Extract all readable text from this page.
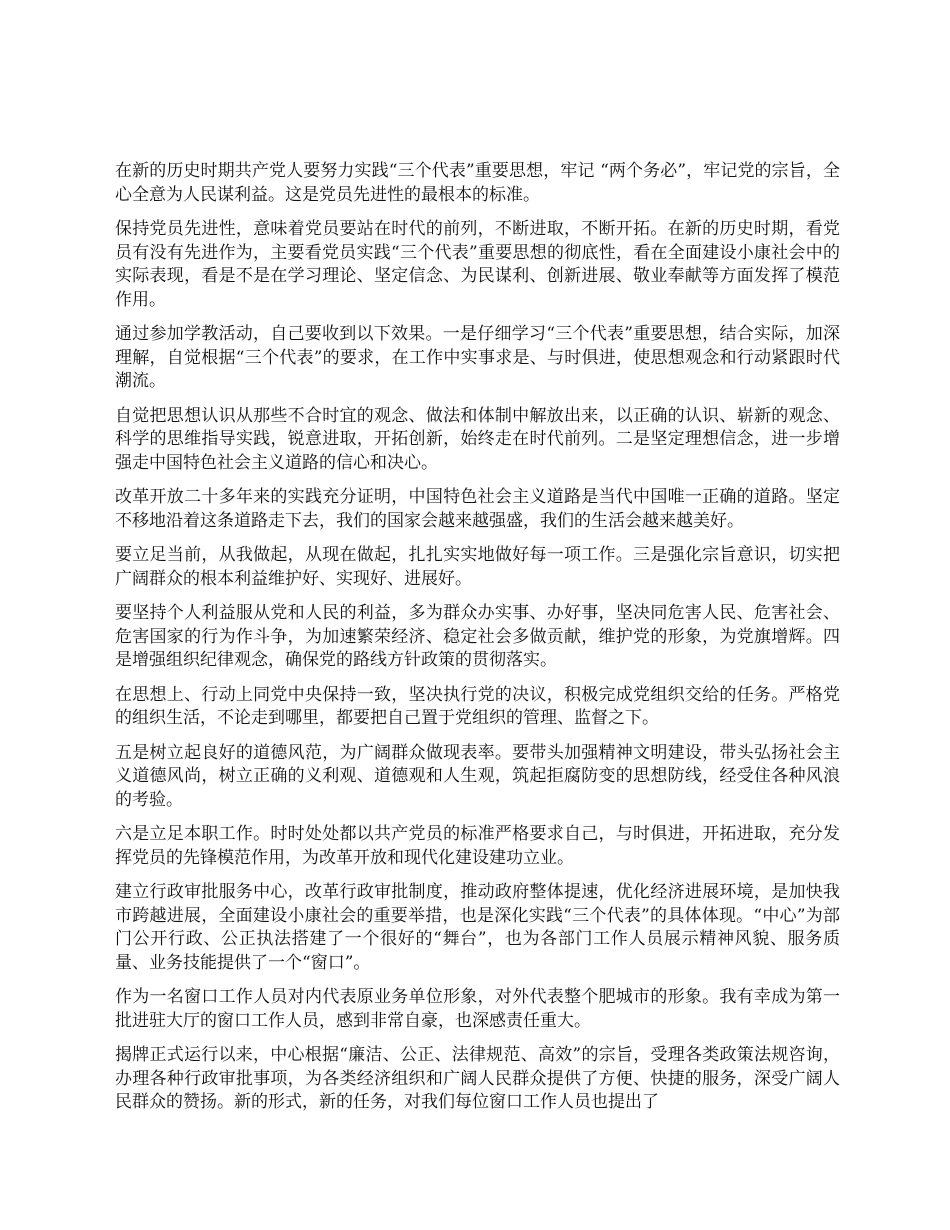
在新的历史时期共产党人要努力实践“三个代表”重要思想，牢记 “两个务必”，牢记党的宗旨，全心全意为人民谋利益。这是党员先进性的最根本的标准。

保持党员先进性，意味着党员要站在时代的前列，不断进取，不断开拓。在新的历史时期，看党员有没有先进作为，主要看党员实践“三个代表”重要思想的彻底性，看在全面建设小康社会中的实际表现，看是不是在学习理论、坚定信念、为民谋利、创新进展、敬业奉献等方面发挥了模范作用。

通过参加学教活动，自己要收到以下效果。一是仔细学习“三个代表”重要思想，结合实际，加深理解，自觉根据“三个代表”的要求，在工作中实事求是、与时俱进，使思想观念和行动紧跟时代潮流。

自觉把思想认识从那些不合时宜的观念、做法和体制中解放出来，以正确的认识、崭新的观念、科学的思维指导实践，锐意进取，开拓创新，始终走在时代前列。二是坚定理想信念，进一步增强走中国特色社会主义道路的信心和决心。

改革开放二十多年来的实践充分证明，中国特色社会主义道路是当代中国唯一正确的道路。坚定不移地沿着这条道路走下去，我们的国家会越来越强盛，我们的生活会越来越美好。

要立足当前，从我做起，从现在做起，扎扎实实地做好每一项工作。三是强化宗旨意识，切实把广阔群众的根本利益维护好、实现好、进展好。

要坚持个人利益服从党和人民的利益，多为群众办实事、办好事，坚决同危害人民、危害社会、危害国家的行为作斗争，为加速繁荣经济、稳定社会多做贡献，维护党的形象，为党旗增辉。四是增强组织纪律观念，确保党的路线方针政策的贯彻落实。

在思想上、行动上同党中央保持一致，坚决执行党的决议，积极完成党组织交给的任务。严格党的组织生活，不论走到哪里，都要把自己置于党组织的管理、监督之下。

五是树立起良好的道德风范，为广阔群众做现表率。要带头加强精神文明建设，带头弘扬社会主义道德风尚，树立正确的义利观、道德观和人生观，筑起拒腐防变的思想防线，经受住各种风浪的考验。

六是立足本职工作。时时处处都以共产党员的标准严格要求自己，与时俱进，开拓进取，充分发挥党员的先锋模范作用，为改革开放和现代化建设建功立业。

建立行政审批服务中心，改革行政审批制度，推动政府整体提速，优化经济进展环境，是加快我市跨越进展，全面建设小康社会的重要举措，也是深化实践“三个代表”的具体体现。“中心”为部门公开行政、公正执法搭建了一个很好的“舞台”，也为各部门工作人员展示精神风貌、服务质量、业务技能提供了一个“窗口”。

作为一名窗口工作人员对内代表原业务单位形象，对外代表整个肥城市的形象。我有幸成为第一批进驻大厅的窗口工作人员，感到非常自豪，也深感责任重大。

揭牌正式运行以来，中心根据“廉洁、公正、法律规范、高效”的宗旨，受理各类政策法规咨询，办理各种行政审批事项，为各类经济组织和广阔人民群众提供了方便、快捷的服务，深受广阔人民群众的赞扬。新的形式，新的任务，对我们每位窗口工作人员也提出了
